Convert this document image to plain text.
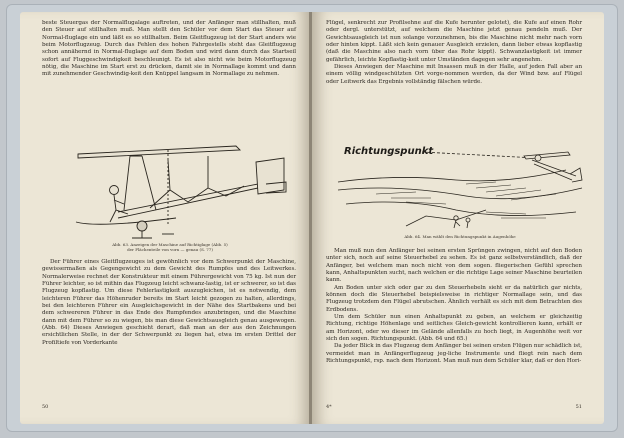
beste Steuergas der Normalflugalage auftreten, und der Anfänger man stillhalten, muß den Steuer auf stillhalten muß. Man stellt den Schüler vor dem Start das Steuer auf Normal-fluglage ein und läßt es so stillhalten. Beim Gleitflugzeug ist der Start anders wie beim Motorflugzeug. Durch das Fehlen des hohen Fahrgestells steht das Gleitflugzeug schon annähernd in Normal-fluglage auf dem Boden und wird dann durch das Startseil sofort auf Fluggeschwindigkeit beschleunigt. Es ist also nicht wie beim Motorflugzeug nötig, die Maschine im Start erst zu drücken, damit sie in Normallage kommt und dann mit zunehmender Geschwindig-keit den Knüppel langsam in Normallage zu nehmen.

Abb. 63. Anzeigen der Maschine auf Richtiglage (Abb. 5) der Flächenteile von vorn — genau (S. 77)

Der Führer eines Gleitflugzeuges ist gewöhnlich vor dem Schwerpunkt der Maschine, gewissermaßen als Gegengewicht zu dem Gewicht des Rumpfes und des Leitwerkes. Normalerweise rechnet der Konstrukteur mit einem Führergewicht von 75 kg. Ist nun der Führer leichter, so ist mithin das Flugzeug leicht schwanz-lastig, ist er schwerer, so ist das Flugzeug kopflastig. Um diese Fehlerlastigkeit auszugleichen, ist es notwendig, dem leichteren Führer das Höhenruder bereits im Start leicht gezogen zu halten, allerdings, bei den leichteren Führer ein Ausgleichsgewicht in der Nähe des Startbakens und bei dem schwereren Führer in das Ende des Rumpfendes anzubringen, und die Maschine dann mit dem Führer so zu wiegen, bis man diese Gewichtsausgleich genau ausgewogen. (Abb. 64) Dieses Anwiegen geschieht derart, daß man an der aus den Zeichnungen ersichtlichen Stelle, in der der Schwerpunkt zu liegen hat, etwa im ersten Drittel der Profiltiefe von Vorderkante

50

Flügel, senkrecht zur Profilsehne auf die Kufe herunter gelotet), die Kufe auf einen Rohr oder dergl. unterstützt, auf welchem die Maschine jetzt genau pendeln muß. Der Gewichtsausgleich ist nun solange vorzunehmen, bis die Maschine nicht mehr nach vorn oder hinten kippt. Läßt sich kein genauer Ausgleich erzielen, dann lieber etwas kopflastig (daß die Maschine also nach vorn über das Rohr kippt). Schwanzlastigkeit ist immer gefährlich, leichte Kopflastig-keit unter Umständen dagegen sehr angenehm.

Dieses Anwiegen der Maschine mit Insassen muß in der Halle, auf jeden Fall aber an einem völlig windgeschützten Ort vorge-nommen werden, da der Wind bzw. auf Flügel oder Leitwerk das Ergebnis vollständig fälschen würde.

Richtungspunkt
Abb. 64. Man wählt den Richtungspunkt in Augenhöhe

Man muß nun den Anfänger bei seinen ersten Sprüngen zwingen, nicht auf den Boden unter sich, noch auf seine Steuerhebel zu sehen. Es ist ganz selbstverständlich, daß der Anfänger, bei welchem man noch nicht von dem sogen. fliegerischen Gefühl sprechen kann, Anhaltspunkten sucht, nach welchen er die richtige Lage seiner Maschine beurteilen kann.

Am Boden unter sich oder gar zu den Steuerhebeln sieht er da natürlich gar nichts, können doch die Steuerhebel beispielsweise in richtiger Normallage sein, und das Flugzeug trotzdem den Flügel abrutschen. Ähnlich verhält es sich mit dem Betrachten des Erdbodens.

Um dem Schüler nun einen Anhaltspunkt zu geben, an welchem er gleichzeitig Richtung, richtige Höhenlage und seitliches Gleich-gewicht kontrollieren kann, erhält er am Horizont, oder wo dieser im Gelände allenfalls zu hoch liegt, in Augenhöhe weit vor sich den sogen. Richtungspunkt. (Abb. 64 und 65.)

Da jeder Blick in das Flugzeug dem Anfänger bei seinen ersten Flügen nur schädlich ist, vermeidet man in Anfängerflugzeug jeg-liche Instrumente und fliegt rein nach dem Richtungspunkt, rsp. nach dem Horizont. Man muß nun dem Schüler klar, daß er den Hori-

4*	51
